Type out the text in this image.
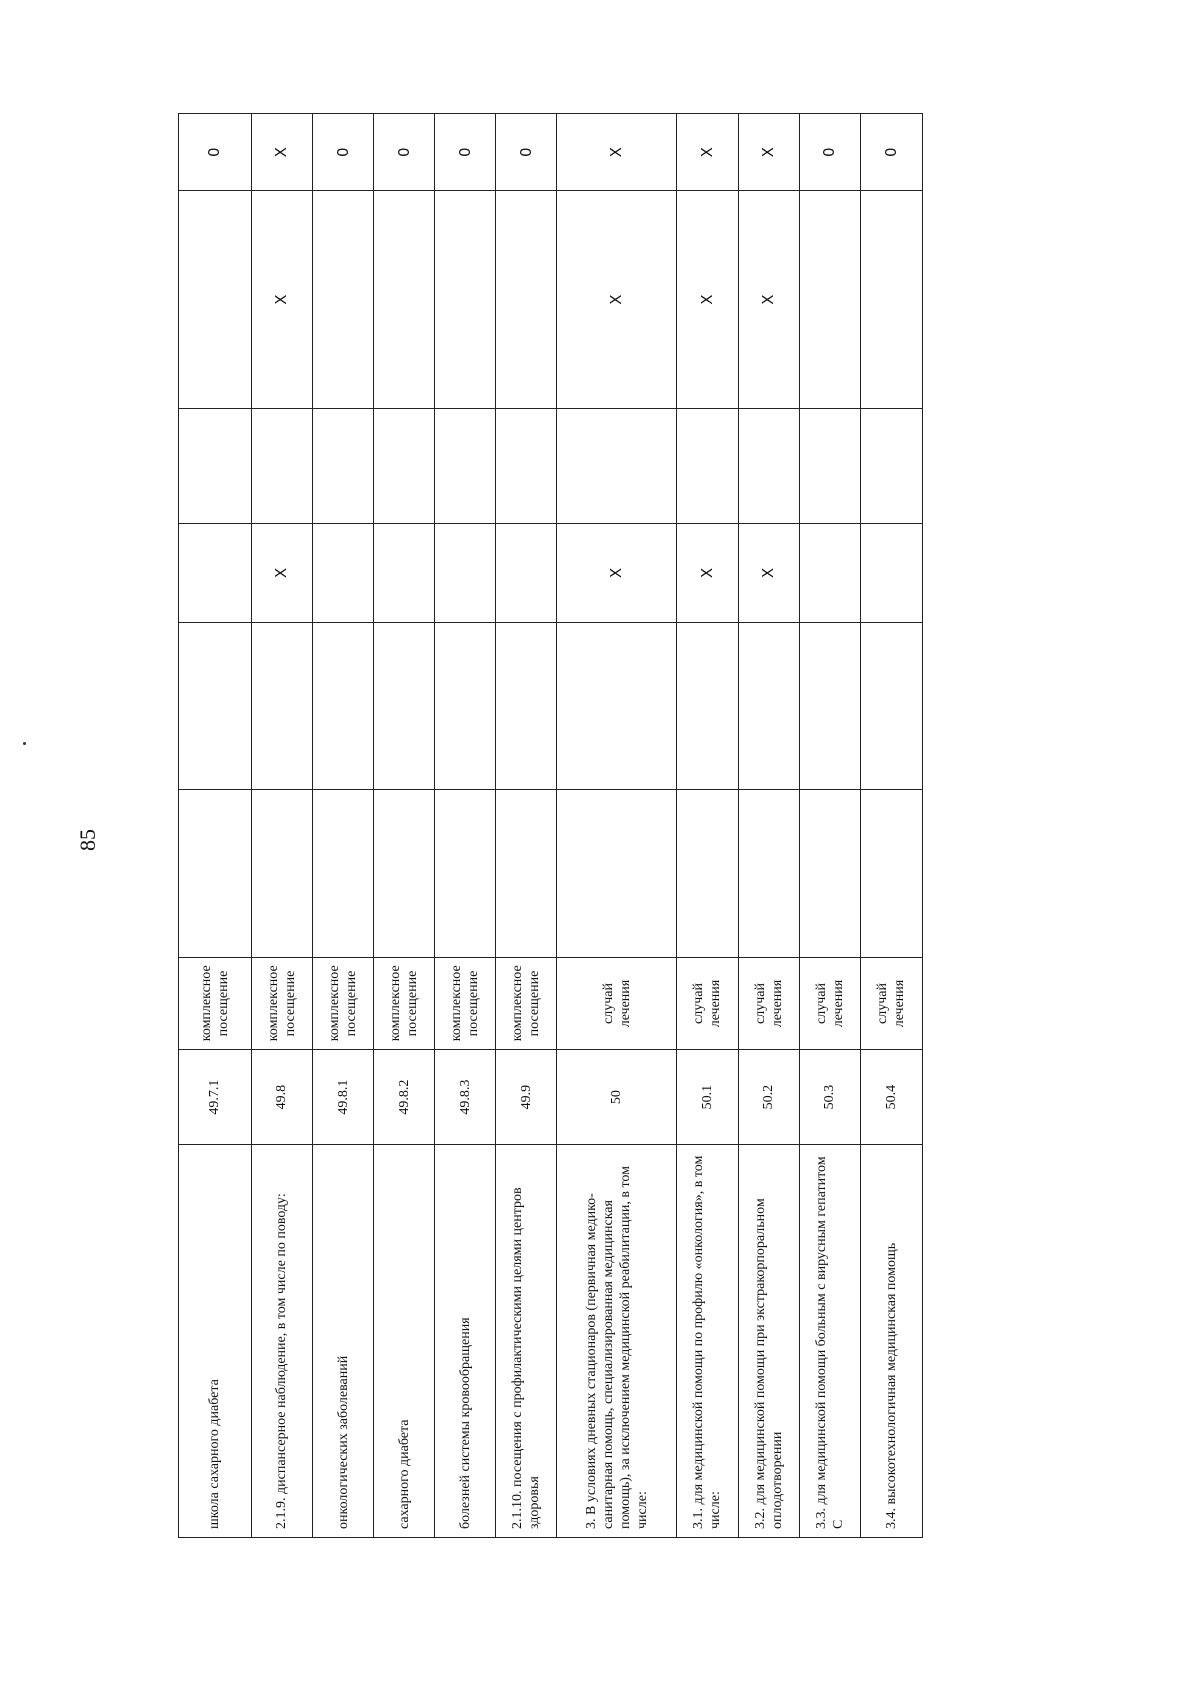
85
школа сахарного диабета	49.7.1	комплексное посещение						0
2.1.9. диспансерное наблюдение, в том числе по поводу:	49.8	комплексное посещение			X		X	X
онкологических заболеваний	49.8.1	комплексное посещение						0
сахарного диабета	49.8.2	комплексное посещение						0
болезней системы кровообращения	49.8.3	комплексное посещение						0
2.1.10. посещения с профилактическими целями центров здоровья	49.9	комплексное посещение						0
3. В условиях дневных стационаров (первичная медико-санитарная помощь, специализированная медицинская помощь), за исключением медицинской реабилитации, в том числе:	50	случай лечения			X		X	X
3.1. для медицинской помощи по профилю «онкология», в том числе:	50.1	случай лечения			X		X	X
3.2. для медицинской помощи при экстракорпоральном оплодотворении	50.2	случай лечения			X		X	X
3.3. для медицинской помощи больным с вирусным гепатитом С	50.3	случай лечения						0
3.4. высокотехнологичная медицинская помощь	50.4	случай лечения						0
